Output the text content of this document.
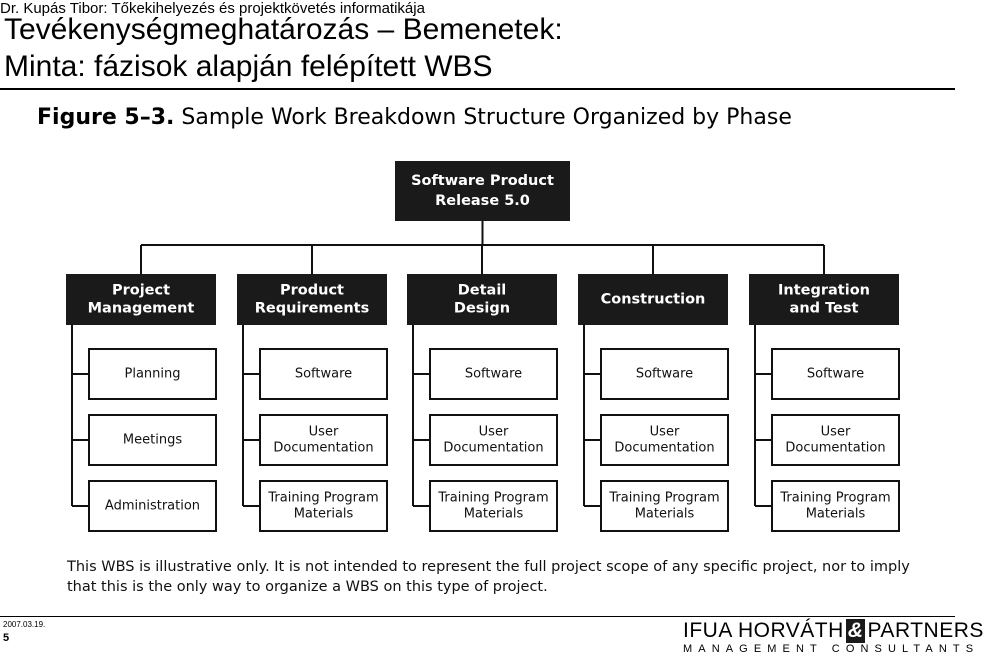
Dr. Kupás Tibor: Tőkekihelyezés és projektkövetés informatikája
Tevékenységmeghatározás – Bemenetek:
Minta: fázisok alapján felépített WBS
Figure 5–3. Sample Work Breakdown Structure Organized by Phase
Software Product Release 5.0
Project Management
Planning
Meetings
Administration
Product Requirements
Software
User Documentation
Training Program Materials
Detail Design
Software
User Documentation
Training Program Materials
Construction
Software
User Documentation
Training Program Materials
Integration and Test
Software
User Documentation
Training Program Materials
This WBS is illustrative only. It is not intended to represent the full project scope of any specific project, nor to imply that this is the only way to organize a WBS on this type of project.
2007.03.19.
5	IFUA HORVÁTH & PARTNERS
MANAGEMENT CONSULTANTS
